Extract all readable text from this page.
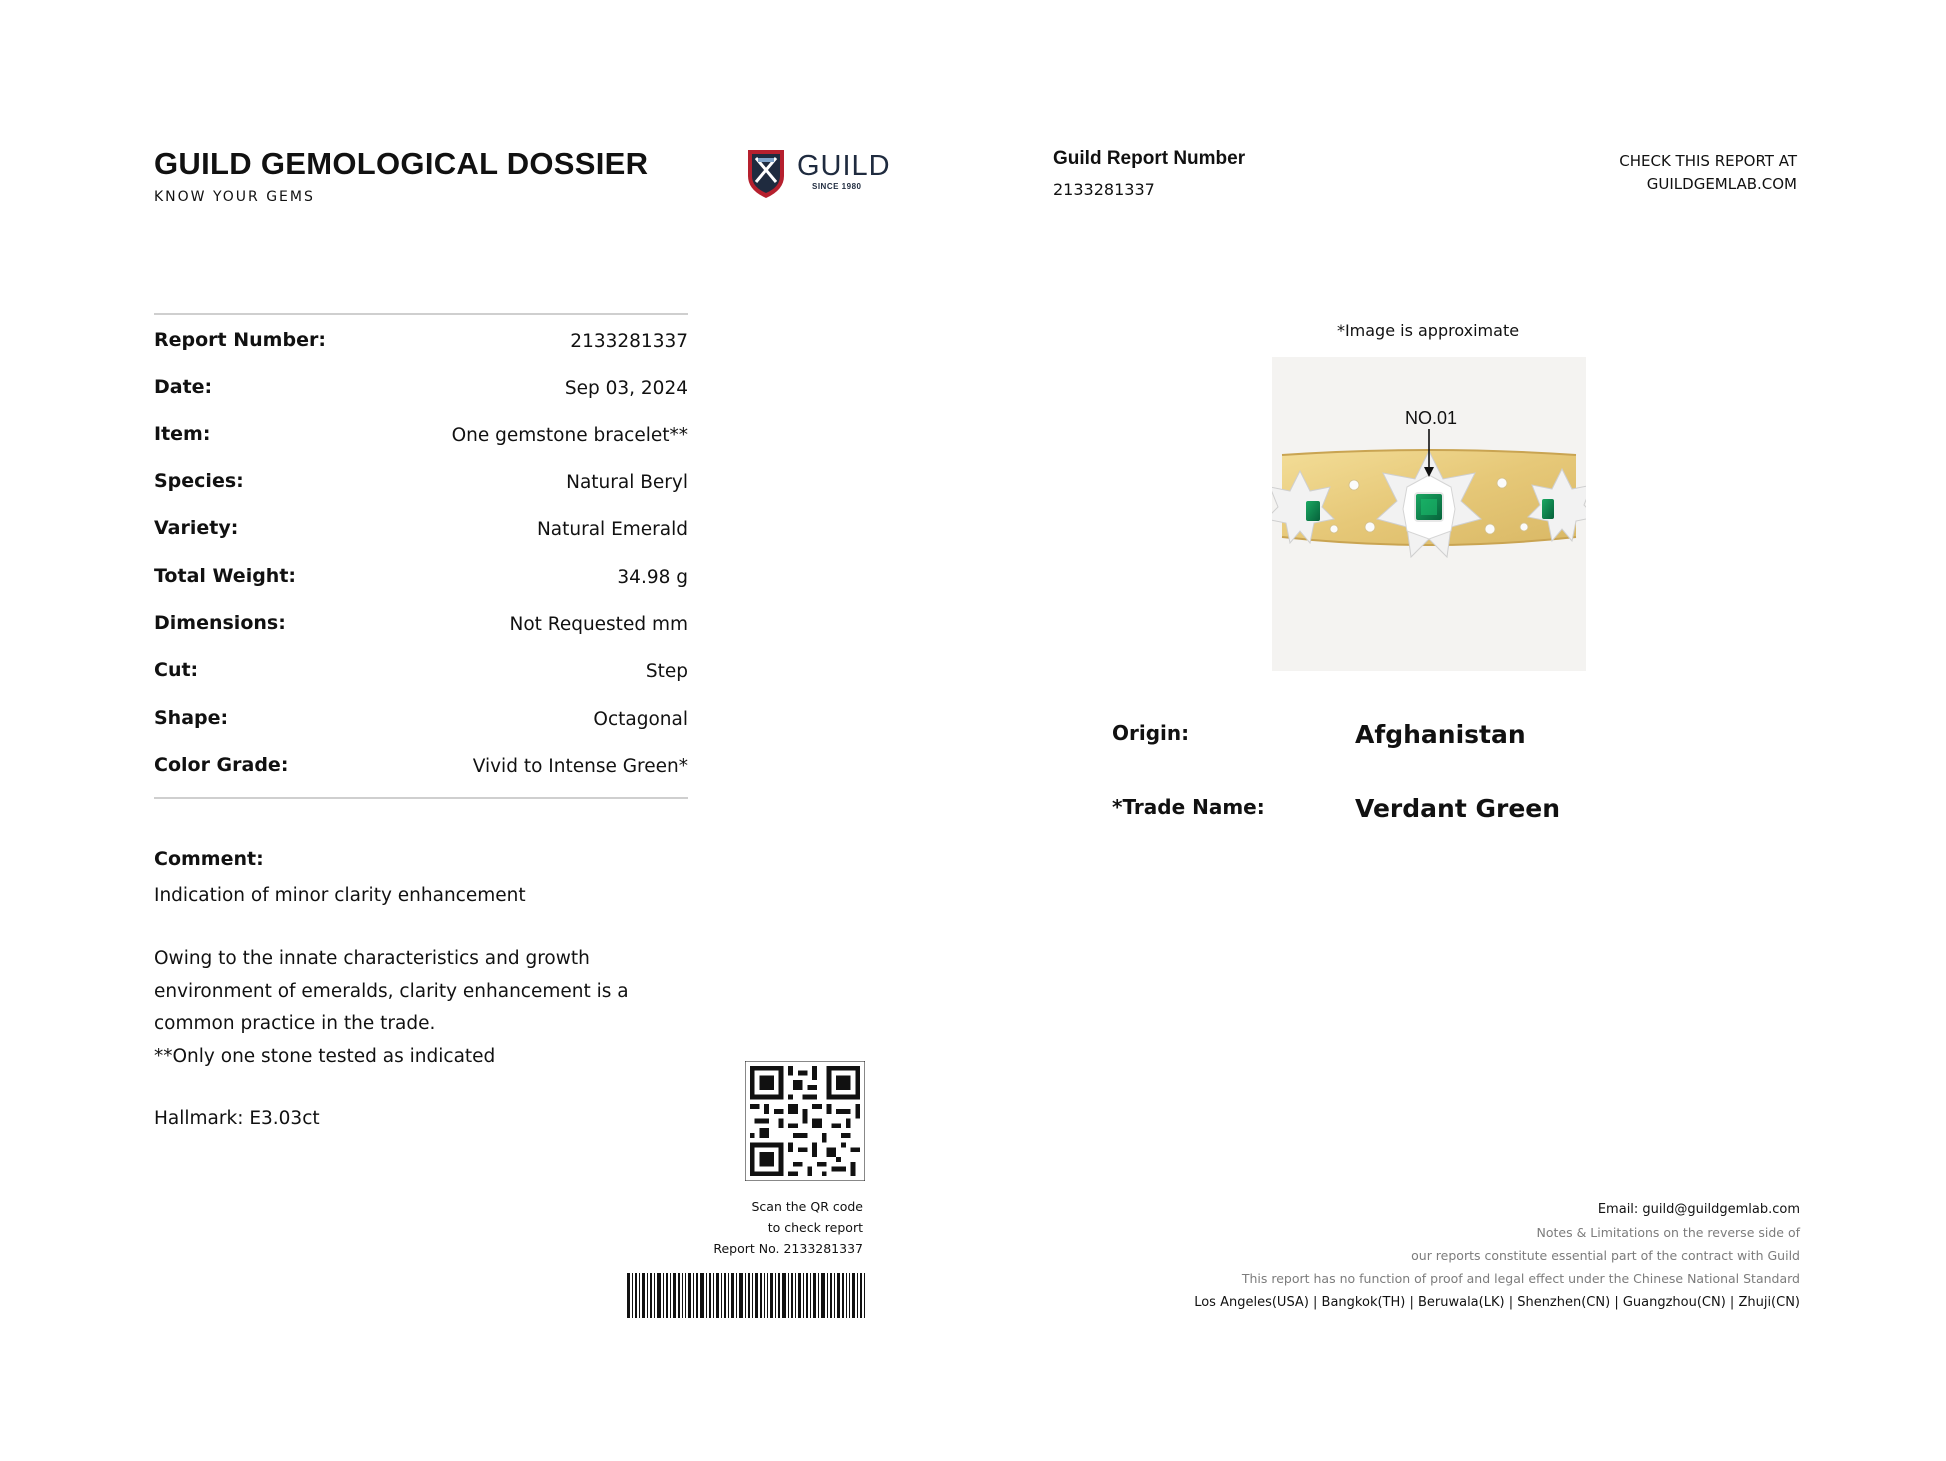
GUILD GEMOLOGICAL DOSSIER
KNOW YOUR GEMS
GUILD
SINCE 1980
Guild Report Number
2133281337
CHECK THIS REPORT AT
GUILDGEMLAB.COM
Report Number:	2133281337
Date:	Sep 03, 2024
Item:	One gemstone bracelet**
Species:	Natural Beryl
Variety:	Natural Emerald
Total Weight:	34.98 g
Dimensions:	Not Requested mm
Cut:	Step
Shape:	Octagonal
Color Grade:	Vivid to Intense Green*
Comment:
Indication of minor clarity enhancement
Owing to the innate characteristics and growth
environment of emeralds, clarity enhancement is a
common practice in the trade.
**Only one stone tested as indicated
Hallmark: E3.03ct
Scan the QR code
to check report
Report No. 2133281337
*Image is approximate
NO.01
Origin:	Afghanistan
*Trade Name:	Verdant Green
Email: guild@guildgemlab.com
Notes & Limitations on the reverse side of
our reports constitute essential part of the contract with Guild
This report has no function of proof and legal effect under the Chinese National Standard
Los Angeles(USA) | Bangkok(TH) | Beruwala(LK) | Shenzhen(CN) | Guangzhou(CN) | Zhuji(CN)
